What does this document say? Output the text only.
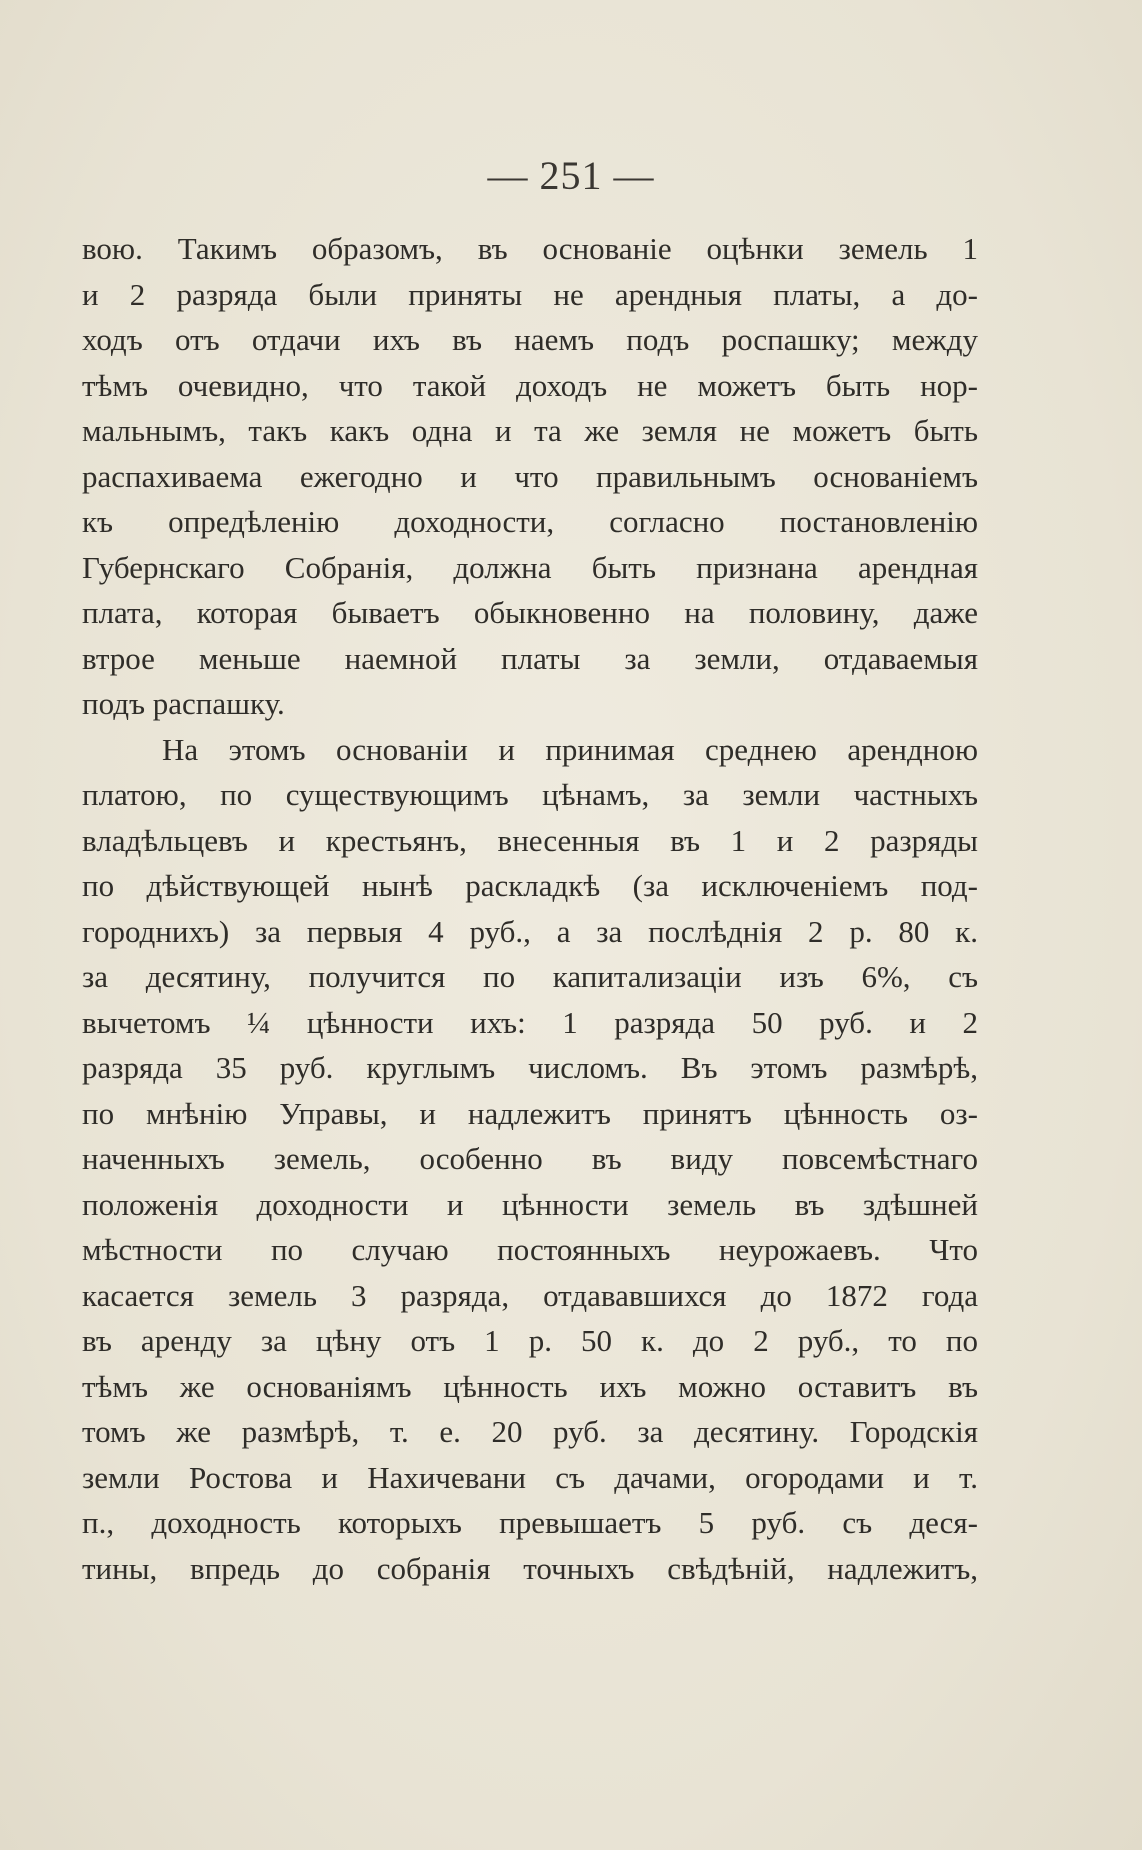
— 251 —
вою. Такимъ образомъ, въ основаніе оцѣнки земель 1
и 2 разряда были приняты не арендныя платы, а до-
ходъ отъ отдачи ихъ въ наемъ подъ роспашку; между
тѣмъ очевидно, что такой доходъ не можетъ быть нор-
мальнымъ, такъ какъ одна и та же земля не можетъ быть
распахиваема ежегодно и что правильнымъ основаніемъ
къ опредѣленію доходности, согласно постановленію
Губернскаго Собранія, должна быть признана арендная
плата, которая бываетъ обыкновенно на половину, даже
втрое меньше наемной платы за земли, отдаваемыя
подъ распашку.
На этомъ основаніи и принимая среднею арендною
платою, по существующимъ цѣнамъ, за земли частныхъ
владѣльцевъ и крестьянъ, внесенныя въ 1 и 2 разряды
по дѣйствующей нынѣ раскладкѣ (за исключеніемъ под-
городнихъ) за первыя 4 руб., а за послѣднія 2 р. 80 к.
за десятину, получится по капитализаціи изъ 6%, съ
вычетомъ ¼ цѣнности ихъ: 1 разряда 50 руб. и 2
разряда 35 руб. круглымъ числомъ. Въ этомъ размѣрѣ,
по мнѣнію Управы, и надлежитъ принятъ цѣнность оз-
наченныхъ земель, особенно въ виду повсемѣстнаго
положенія доходности и цѣнности земель въ здѣшней
мѣстности по случаю постоянныхъ неурожаевъ. Что
касается земель 3 разряда, отдававшихся до 1872 года
въ аренду за цѣну отъ 1 р. 50 к. до 2 руб., то по
тѣмъ же основаніямъ цѣнность ихъ можно оставитъ въ
томъ же размѣрѣ, т. е. 20 руб. за десятину. Городскія
земли Ростова и Нахичевани съ дачами, огородами и т.
п., доходность которыхъ превышаетъ 5 руб. съ деся-
тины, впредь до собранія точныхъ свѣдѣній, надлежитъ,
